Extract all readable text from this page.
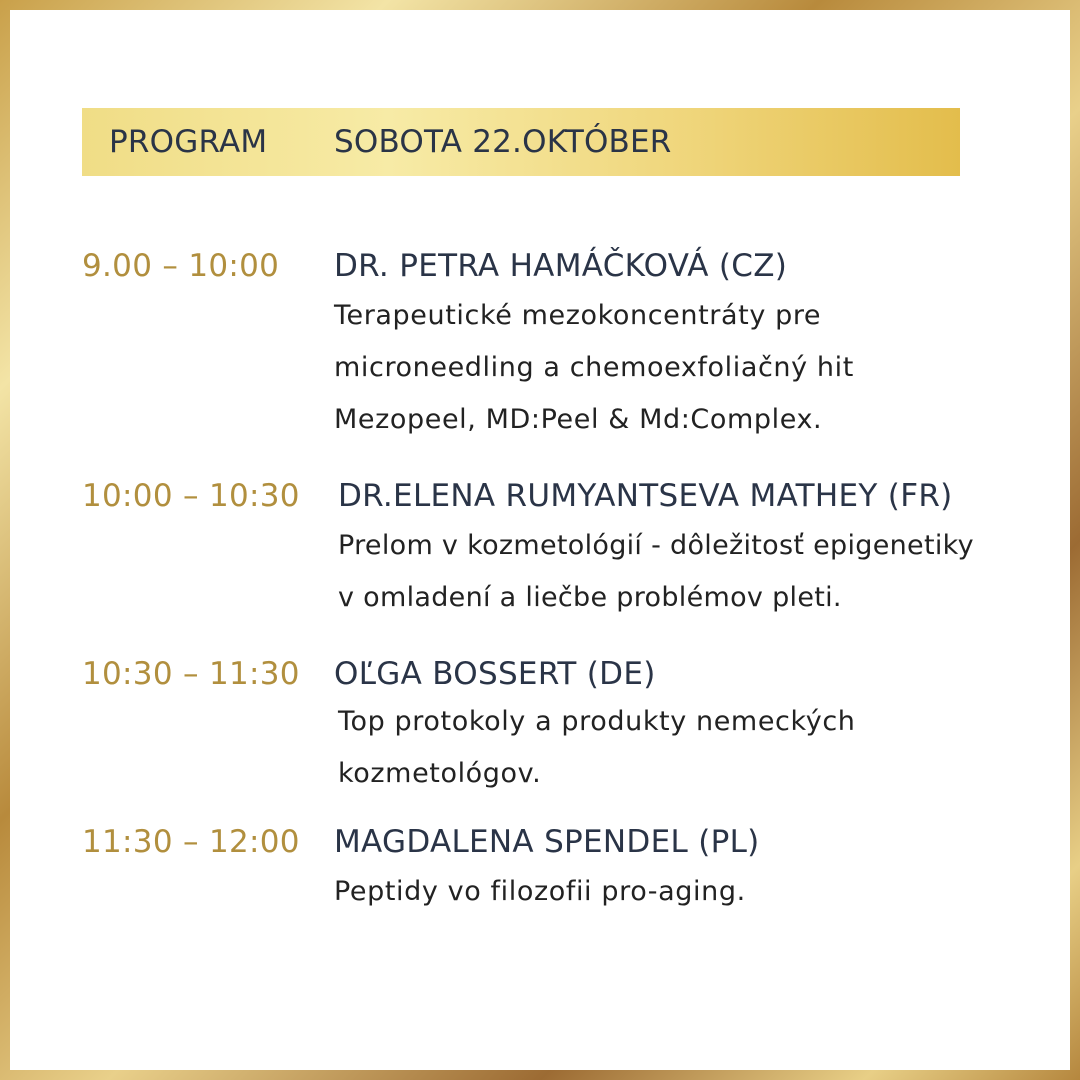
PROGRAM SOBOTA 22.OKTÓBER
9.00 – 10:00 DR. PETRA HAMÁČKOVÁ (CZ)
Terapeutické mezokoncentráty pre
microneedling a chemoexfoliačný hit
Mezopeel, MD:Peel & Md:Complex.
10:00 – 10:30 DR.ELENA RUMYANTSEVA MATHEY (FR)
Prelom v kozmetológií - dôležitosť epigenetiky
v omladení a liečbe problémov pleti.
10:30 – 11:30 OĽGA BOSSERT (DE)
Top protokoly a produkty nemeckých
kozmetológov.
11:30 – 12:00 MAGDALENA SPENDEL (PL)
Peptidy vo filozofii pro-aging.
